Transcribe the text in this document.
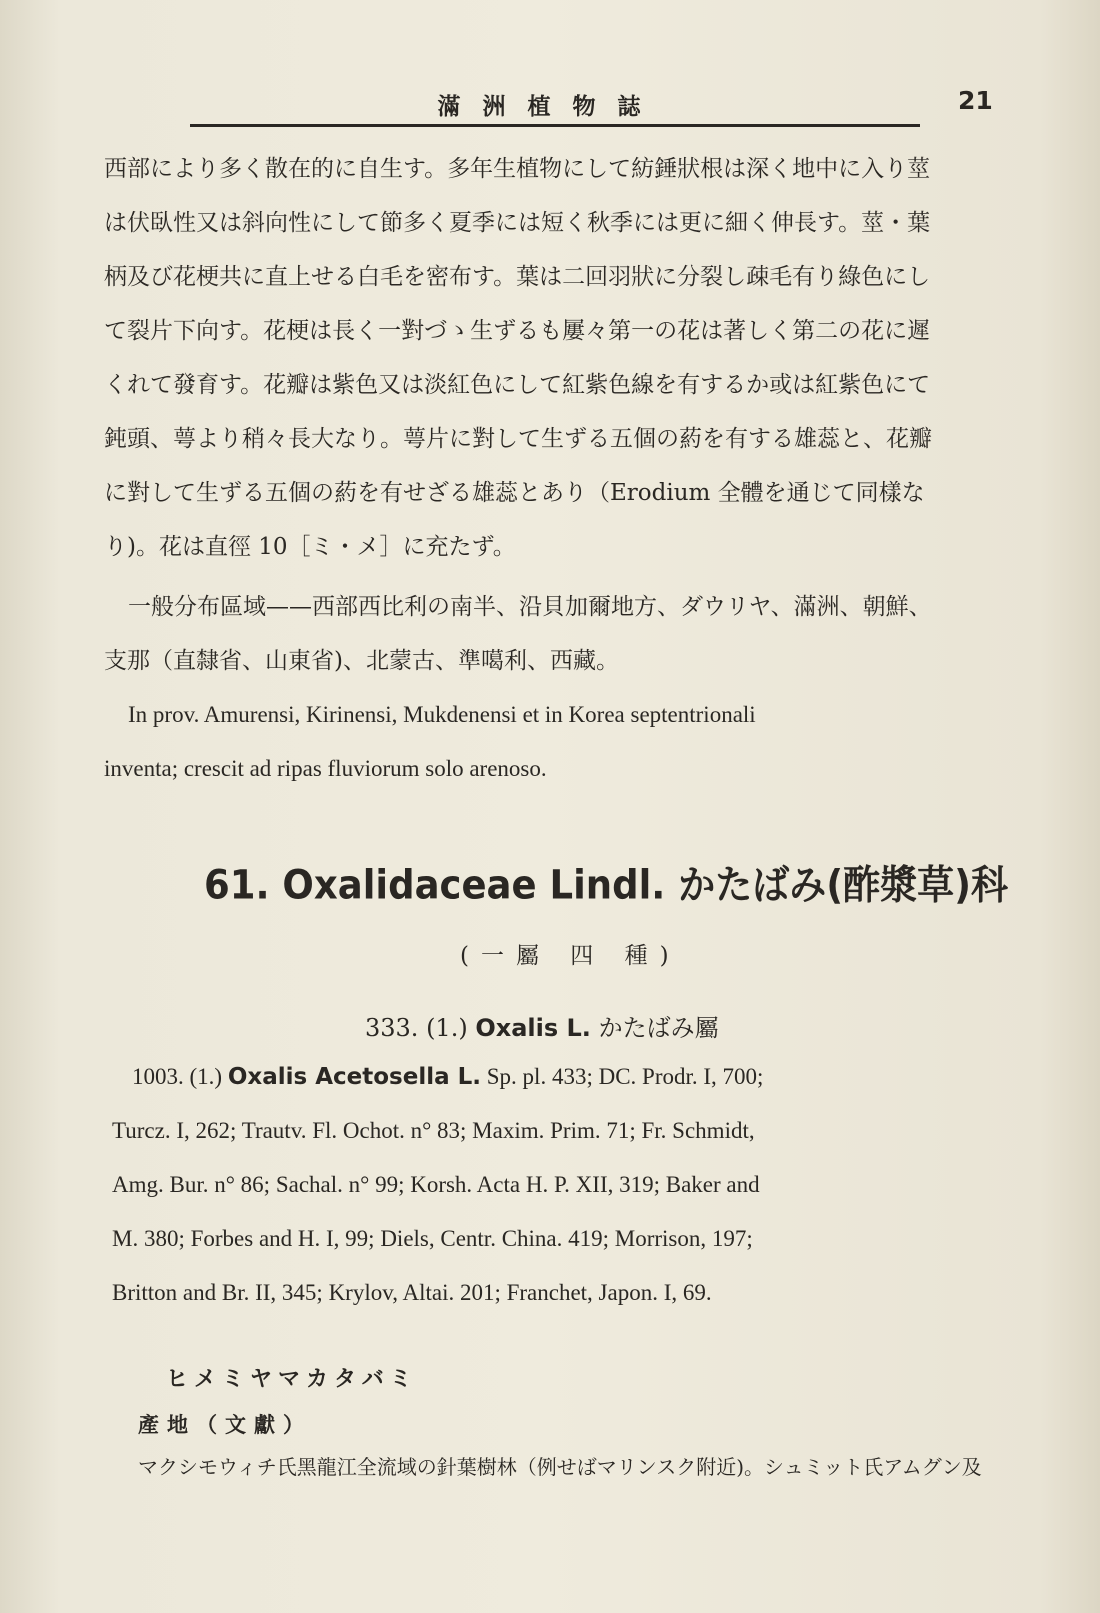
滿洲植物誌	21
西部により多く散在的に自生す。多年生植物にして紡錘狀根は深く地中に入り莖
は伏臥性又は斜向性にして節多く夏季には短く秋季には更に細く伸長す。莖・葉
柄及び花梗共に直上せる白毛を密布す。葉は二回羽狀に分裂し疎毛有り綠色にし
て裂片下向す。花梗は長く一對づゝ生ずるも屢々第一の花は著しく第二の花に遲
くれて發育す。花瓣は紫色又は淡紅色にして紅紫色線を有するか或は紅紫色にて
鈍頭、萼より稍々長大なり。萼片に對して生ずる五個の葯を有する雄蕊と、花瓣
に對して生ずる五個の葯を有せざる雄蕊とあり（Erodium 全體を通じて同樣な
り)。花は直徑 10［ミ・メ］に充たず。
一般分布區域——西部西比利の南半、沿貝加爾地方、ダウリヤ、滿洲、朝鮮、
支那（直隸省、山東省)、北蒙古、準噶利、西藏。
In prov. Amurensi, Kirinensi, Mukdenensi et in Korea septentrionali
inventa; crescit ad ripas fluviorum solo arenoso.
61. Oxalidaceae Lindl. かたばみ(酢漿草)科
(一屬 四 種)
333. (1.) Oxalis L. かたばみ屬
1003. (1.) Oxalis Acetosella L. Sp. pl. 433; DC. Prodr. I, 700;
Turcz. I, 262; Trautv. Fl. Ochot. n° 83; Maxim. Prim. 71; Fr. Schmidt,
Amg. Bur. n° 86; Sachal. n° 99; Korsh. Acta H. P. XII, 319; Baker and
M. 380; Forbes and H. I, 99; Diels, Centr. China. 419; Morrison, 197;
Britton and Br. II, 345; Krylov, Altai. 201; Franchet, Japon. I, 69.
ヒメミヤマカタバミ
產地（文獻）
マクシモウィチ氏黑龍江全流域の針葉樹林（例せばマリンスク附近)。シュミット氏アムグン及
